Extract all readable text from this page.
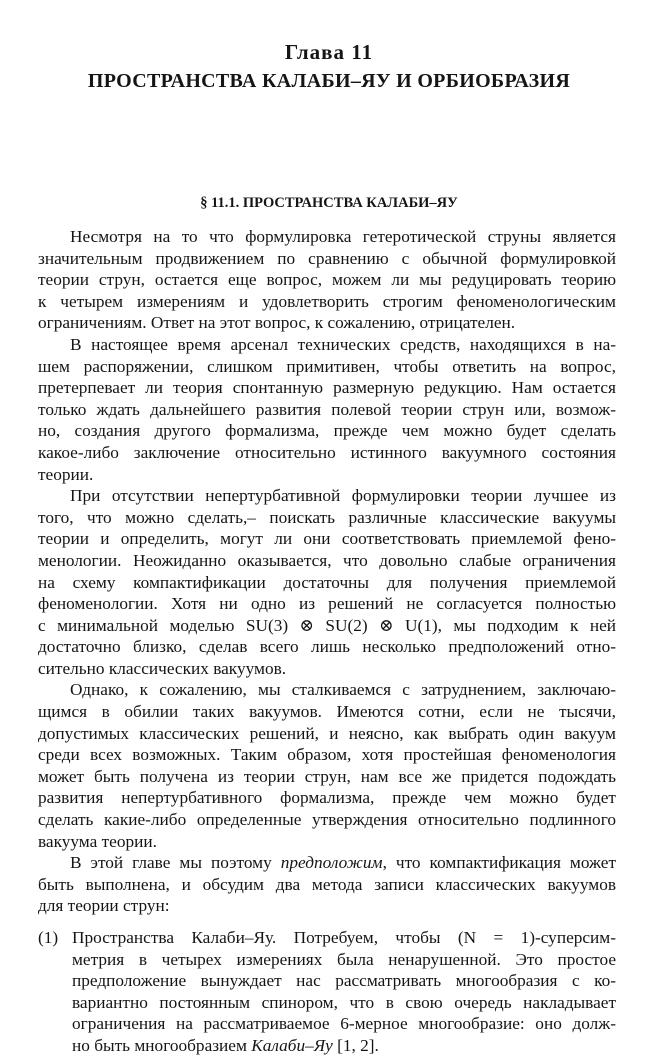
Глава 11
ПРОСТРАНСТВА КАЛАБИ–ЯУ И ОРБИОБРАЗИЯ
§ 11.1. ПРОСТРАНСТВА КАЛАБИ–ЯУ

Несмотря на то что формулировка гетеротической струны является
значительным продвижением по сравнению с обычной формулировкой
теории струн, остается еще вопрос, можем ли мы редуцировать теорию
к четырем измерениям и удовлетворить строгим феноменологическим
ограничениям. Ответ на этот вопрос, к сожалению, отрицателен.

В настоящее время арсенал технических средств, находящихся в на-
шем распоряжении, слишком примитивен, чтобы ответить на вопрос,
претерпевает ли теория спонтанную размерную редукцию. Нам остается
только ждать дальнейшего развития полевой теории струн или, возмож-
но, создания другого формализма, прежде чем можно будет сделать
какое-либо заключение относительно истинного вакуумного состояния
теории.

При отсутствии непертурбативной формулировки теории лучшее из
того, что можно сделать,– поискать различные классические вакуумы
теории и определить, могут ли они соответствовать приемлемой фено-
менологии. Неожиданно оказывается, что довольно слабые ограничения
на схему компактификации достаточны для получения приемлемой
феноменологии. Хотя ни одно из решений не согласуется полностью
с минимальной моделью SU(3) ⊗ SU(2) ⊗ U(1), мы подходим к ней
достаточно близко, сделав всего лишь несколько предположений отно-
сительно классических вакуумов.

Однако, к сожалению, мы сталкиваемся с затруднением, заключаю-
щимся в обилии таких вакуумов. Имеются сотни, если не тысячи,
допустимых классических решений, и неясно, как выбрать один вакуум
среди всех возможных. Таким образом, хотя простейшая феноменология
может быть получена из теории струн, нам все же придется подождать
развития непертурбативного формализма, прежде чем можно будет
сделать какие-либо определенные утверждения относительно подлинного
вакуума теории.

В этой главе мы поэтому предположим, что компактификация может
быть выполнена, и обсудим два метода записи классических вакуумов
для теории струн:

(1) Пространства Калаби–Яу. Потребуем, чтобы (N = 1)-суперсим-
метрия в четырех измерениях была ненарушенной. Это простое
предположение вынуждает нас рассматривать многообразия с ко-
вариантно постоянным спинором, что в свою очередь накладывает
ограничения на рассматриваемое 6-мерное многообразие: оно долж-
но быть многообразием Калаби–Яу [1, 2].
